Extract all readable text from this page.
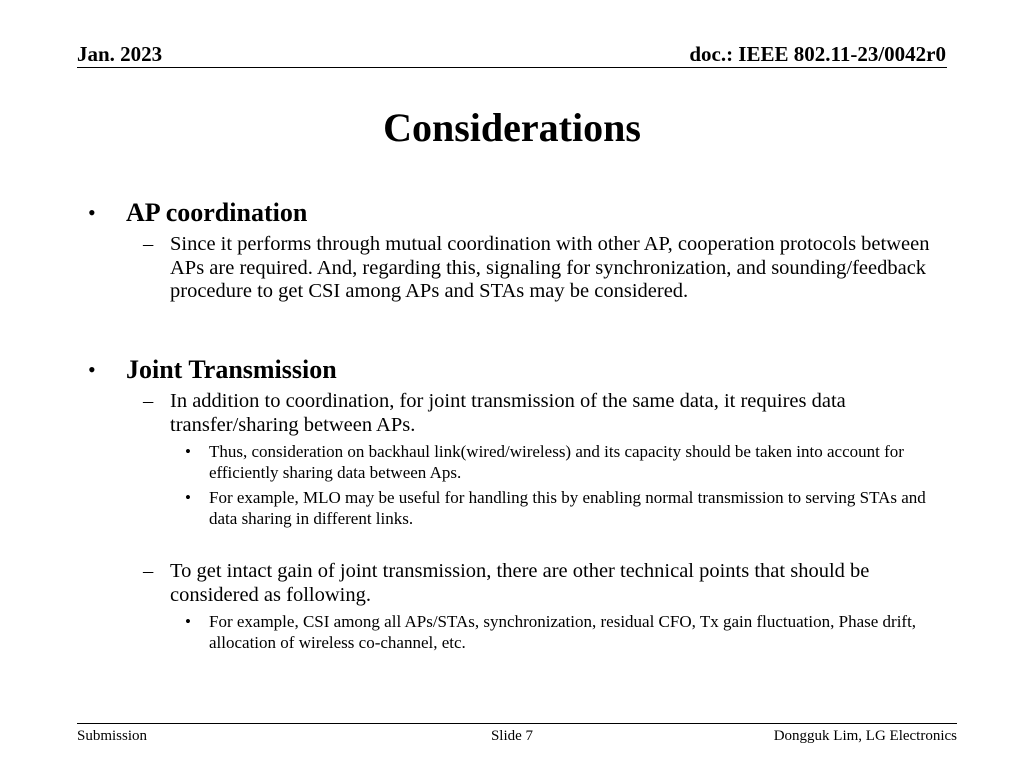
Jan. 2023	doc.: IEEE 802.11-23/0042r0
Considerations
• AP coordination
– Since it performs through mutual coordination with other AP, cooperation protocols between APs are required. And, regarding this, signaling for synchronization, and sounding/feedback procedure to get CSI among APs and STAs may be considered.
• Joint Transmission
– In addition to coordination, for joint transmission of the same data, it requires data transfer/sharing between APs.
• Thus, consideration on backhaul link(wired/wireless) and its capacity should be taken into account for efficiently sharing data between Aps.
• For example, MLO may be useful for handling this by enabling normal transmission to serving STAs and data sharing in different links.
– To get intact gain of joint transmission, there are other technical points that should be considered as following.
• For example, CSI among all APs/STAs, synchronization, residual CFO, Tx gain fluctuation, Phase drift, allocation of wireless co-channel, etc.
Submission	Slide 7	Dongguk Lim, LG Electronics
